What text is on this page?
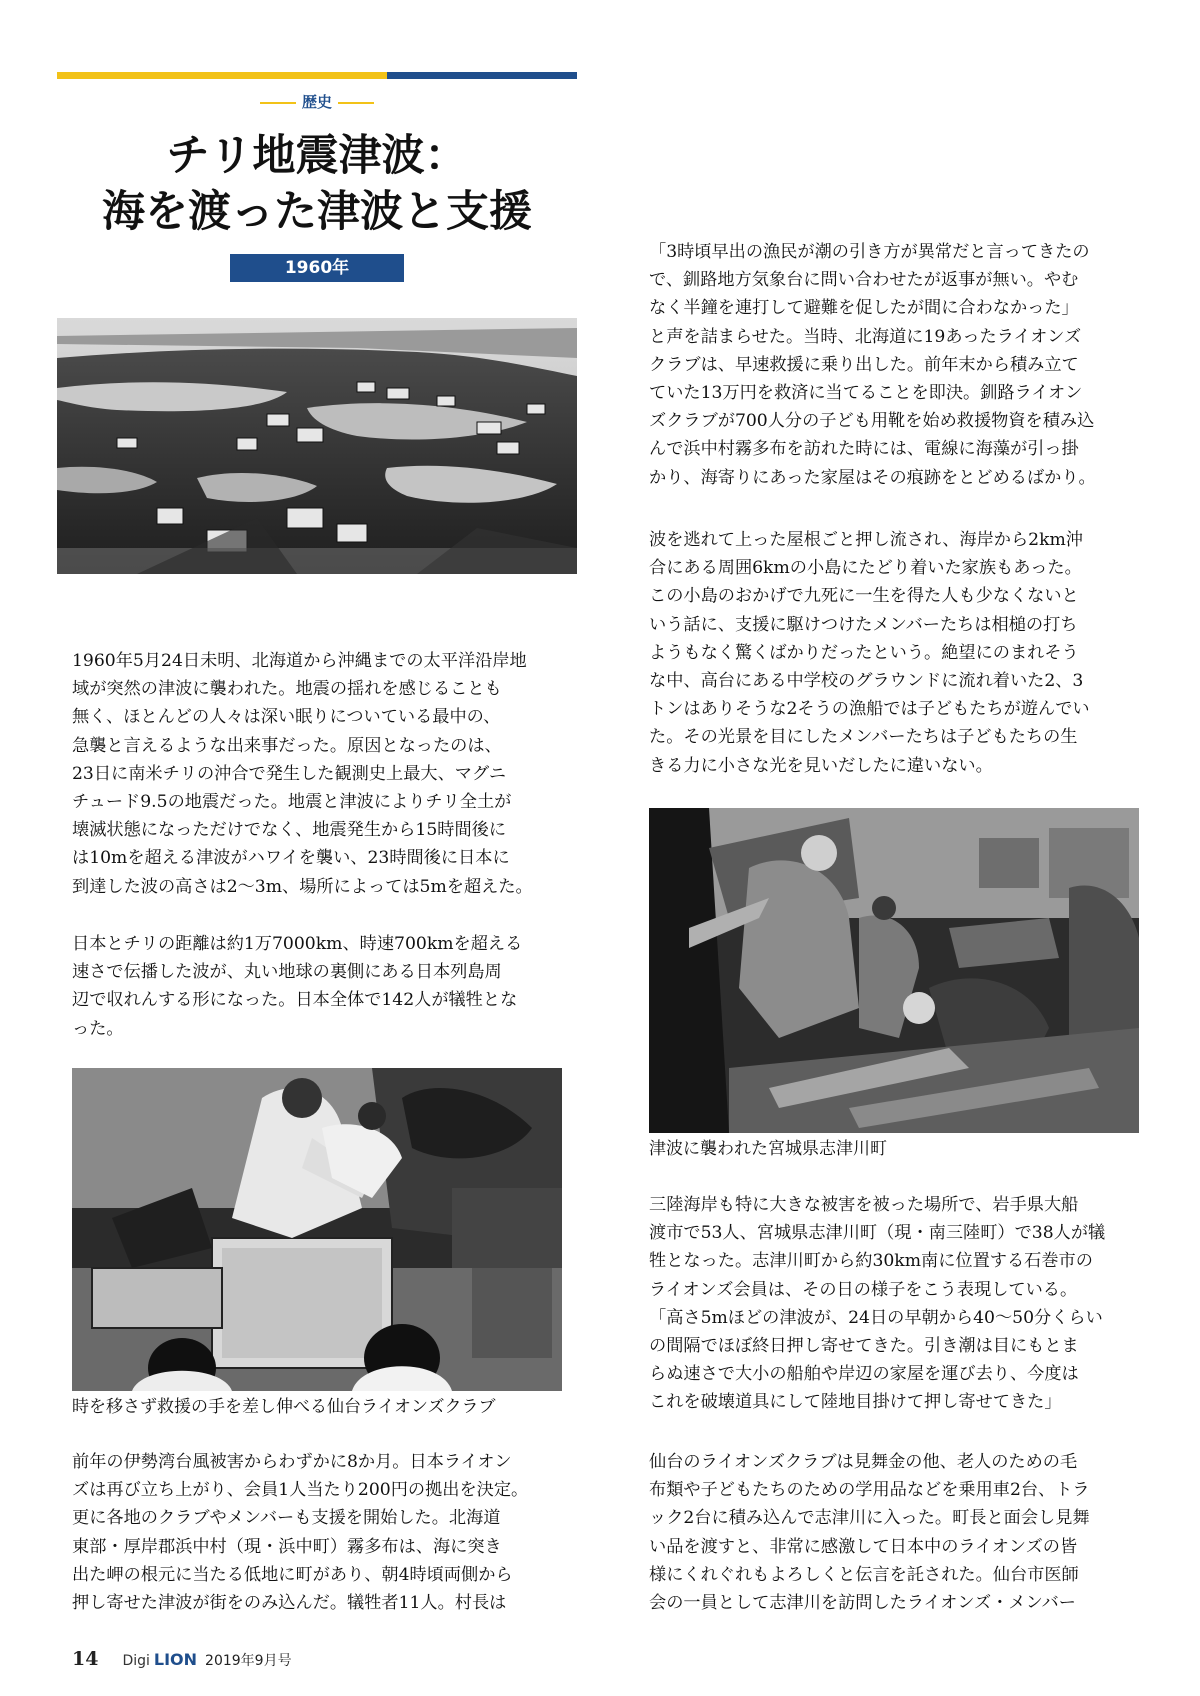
歴史
チリ地震津波：
海を渡った津波と支援
1960年

1960年5月24日未明、北海道から沖縄までの太平洋沿岸地
域が突然の津波に襲われた。地震の揺れを感じることも
無く、ほとんどの人々は深い眠りについている最中の、
急襲と言えるような出来事だった。原因となったのは、
23日に南米チリの沖合で発生した観測史上最大、マグニ
チュード9.5の地震だった。地震と津波によりチリ全土が
壊滅状態になっただけでなく、地震発生から15時間後に
は10mを超える津波がハワイを襲い、23時間後に日本に
到達した波の高さは2〜3m、場所によっては5mを超えた。

日本とチリの距離は約1万7000km、時速700kmを超える
速さで伝播した波が、丸い地球の裏側にある日本列島周
辺で収れんする形になった。日本全体で142人が犠牲とな
った。

時を移さず救援の手を差し伸べる仙台ライオンズクラブ

前年の伊勢湾台風被害からわずかに8か月。日本ライオン
ズは再び立ち上がり、会員1人当たり200円の拠出を決定。
更に各地のクラブやメンバーも支援を開始した。北海道
東部・厚岸郡浜中村（現・浜中町）霧多布は、海に突き
出た岬の根元に当たる低地に町があり、朝4時頃両側から
押し寄せた津波が街をのみ込んだ。犠牲者11人。村長は

「3時頃早出の漁民が潮の引き方が異常だと言ってきたの
で、釧路地方気象台に問い合わせたが返事が無い。やむ
なく半鐘を連打して避難を促したが間に合わなかった」
と声を詰まらせた。当時、北海道に19あったライオンズ
クラブは、早速救援に乗り出した。前年末から積み立て
ていた13万円を救済に当てることを即決。釧路ライオン
ズクラブが700人分の子ども用靴を始め救援物資を積み込
んで浜中村霧多布を訪れた時には、電線に海藻が引っ掛
かり、海寄りにあった家屋はその痕跡をとどめるばかり。

波を逃れて上った屋根ごと押し流され、海岸から2km沖
合にある周囲6kmの小島にたどり着いた家族もあった。
この小島のおかげで九死に一生を得た人も少なくないと
いう話に、支援に駆けつけたメンバーたちは相槌の打ち
ようもなく驚くばかりだったという。絶望にのまれそう
な中、高台にある中学校のグラウンドに流れ着いた2、3
トンはありそうな2そうの漁船では子どもたちが遊んでい
た。その光景を目にしたメンバーたちは子どもたちの生
きる力に小さな光を見いだしたに違いない。

津波に襲われた宮城県志津川町

三陸海岸も特に大きな被害を被った場所で、岩手県大船
渡市で53人、宮城県志津川町（現・南三陸町）で38人が犠
牲となった。志津川町から約30km南に位置する石巻市の
ライオンズ会員は、その日の様子をこう表現している。
「高さ5mほどの津波が、24日の早朝から40〜50分くらい
の間隔でほぼ終日押し寄せてきた。引き潮は目にもとま
らぬ速さで大小の船舶や岸辺の家屋を運び去り、今度は
これを破壊道具にして陸地目掛けて押し寄せてきた」

仙台のライオンズクラブは見舞金の他、老人のための毛
布類や子どもたちのための学用品などを乗用車2台、トラ
ック2台に積み込んで志津川に入った。町長と面会し見舞
い品を渡すと、非常に感激して日本中のライオンズの皆
様にくれぐれもよろしくと伝言を託された。仙台市医師
会の一員として志津川を訪問したライオンズ・メンバー

14 Digi LION 2019年9月号
